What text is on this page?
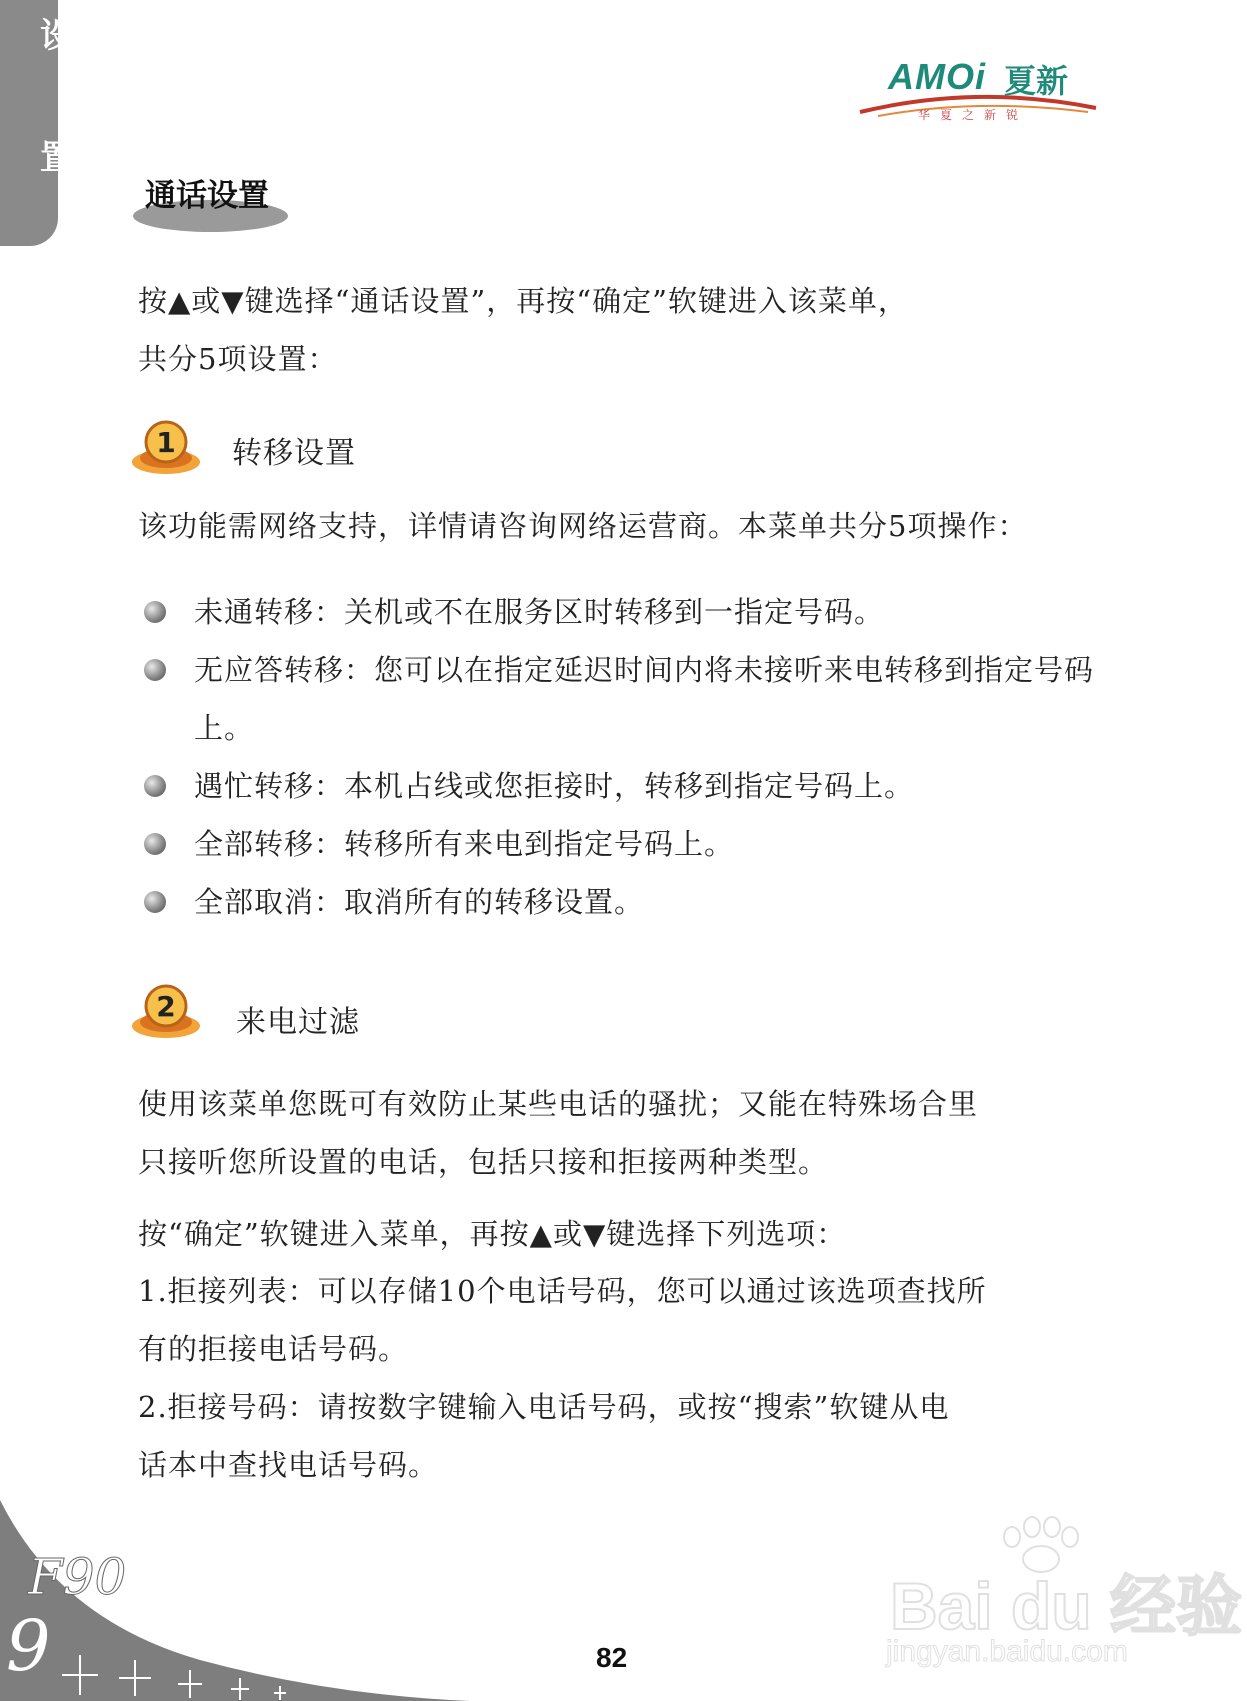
设
置
AMOi 夏新
华夏之新锐
通话设置
按▲或▼键选择“通话设置”，再按“确定”软键进入该菜单，
共分5项设置：
1 转移设置
该功能需网络支持，详情请咨询网络运营商。本菜单共分5项操作：
未通转移：关机或不在服务区时转移到一指定号码。
无应答转移：您可以在指定延迟时间内将未接听来电转移到指定号码上。
遇忙转移：本机占线或您拒接时，转移到指定号码上。
全部转移：转移所有来电到指定号码上。
全部取消：取消所有的转移设置。
2 来电过滤
使用该菜单您既可有效防止某些电话的骚扰；又能在特殊场合里
只接听您所设置的电话，包括只接和拒接两种类型。
按“确定”软键进入菜单，再按▲或▼键选择下列选项：
1.拒接列表：可以存储10个电话号码，您可以通过该选项查找所
有的拒接电话号码。
2.拒接号码：请按数字键输入电话号码，或按“搜索”软键从电
话本中查找电话号码。
9
F90
82
Bai du 经验
jingyan.baidu.com
